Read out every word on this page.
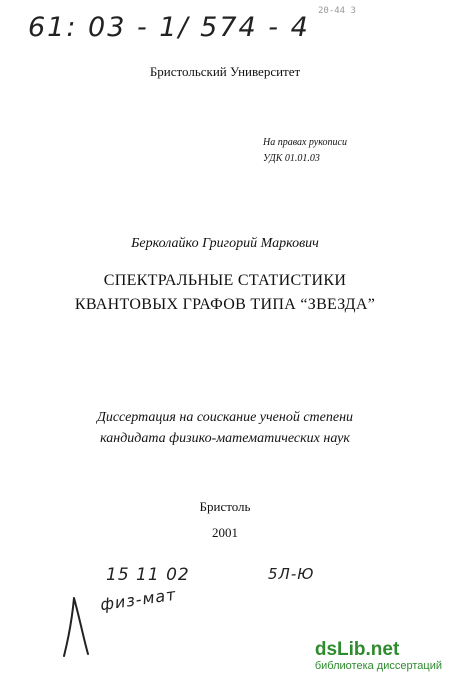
61: 03 - 1/ 574 - 4
20-44 3
Бристольский Университет
На правах рукописи
УДК 01.01.03
Берколайко Григорий Маркович
СПЕКТРАЛЬНЫЕ СТАТИСТИКИ
КВАНТОВЫХ ГРАФОВ ТИПА “ЗВЕЗДА”
Диссертация на соискание ученой степени
кандидата физико-математических наук
Бристоль
2001
15 11 02	5Л-Ю
физ-мат
dsLib.net
библиотека диссертаций
